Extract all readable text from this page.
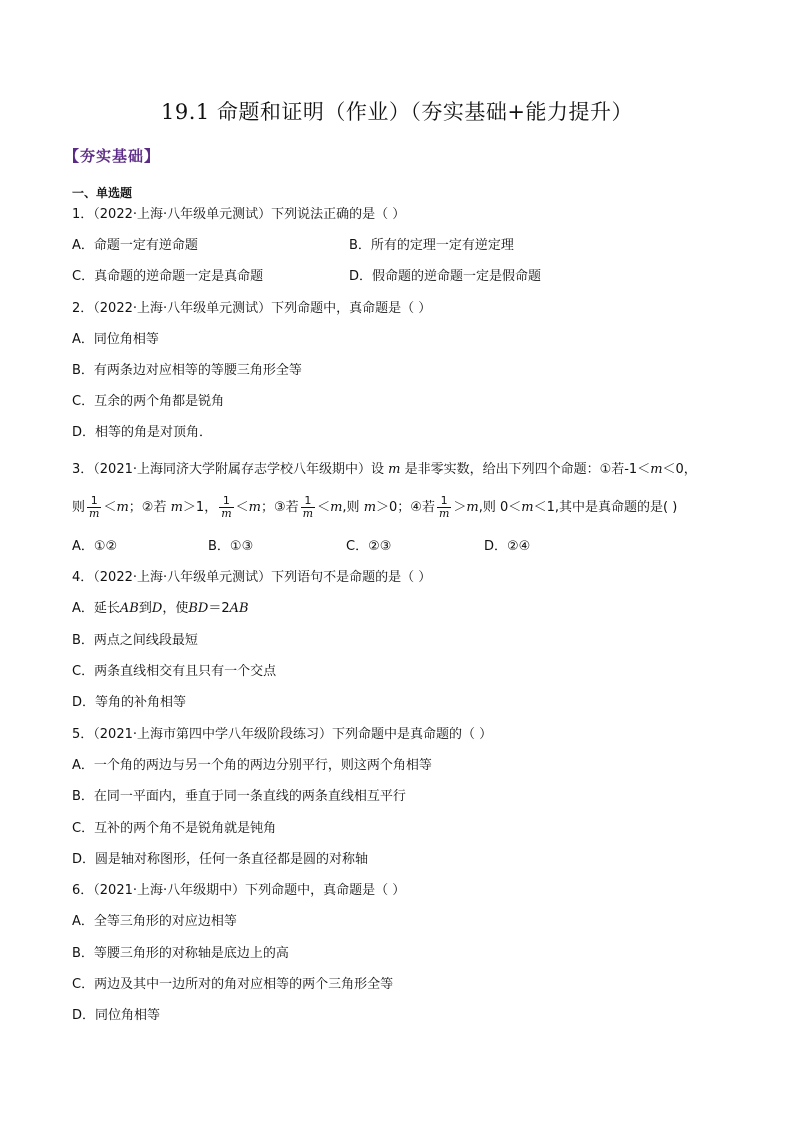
19.1 命题和证明（作业）（夯实基础+能力提升）
【夯实基础】
一、单选题
1．（2022·上海·八年级单元测试）下列说法正确的是（ ）
A．命题一定有逆命题	B．所有的定理一定有逆定理
C．真命题的逆命题一定是真命题	D．假命题的逆命题一定是假命题
2．（2022·上海·八年级单元测试）下列命题中，真命题是（ ）
A．同位角相等
B．有两条边对应相等的等腰三角形全等
C．互余的两个角都是锐角
D．相等的角是对顶角．
3．（2021·上海同济大学附属存志学校八年级期中）设 m 是非零实数，给出下列四个命题：①若-1＜m＜0，
则 $\frac{1}{m} <m$；②若 m＞1， $\frac{1}{m} <m$；③若 $\frac{1}{m} <m$,则 m＞0；④若 $\frac{1}{m} >m$,则 0＜m＜1,其中是真命题的是( )
A．①②	B．①③	C．②③	D．②④
4．（2022·上海·八年级单元测试）下列语句不是命题的是（ ）
A．延长AB到D，使BD＝2AB
B．两点之间线段最短
C．两条直线相交有且只有一个交点
D．等角的补角相等
5．（2021·上海市第四中学八年级阶段练习）下列命题中是真命题的（ ）
A．一个角的两边与另一个角的两边分别平行，则这两个角相等
B．在同一平面内，垂直于同一条直线的两条直线相互平行
C．互补的两个角不是锐角就是钝角
D．圆是轴对称图形，任何一条直径都是圆的对称轴
6．（2021·上海·八年级期中）下列命题中，真命题是（ ）
A．全等三角形的对应边相等
B．等腰三角形的对称轴是底边上的高
C．两边及其中一边所对的角对应相等的两个三角形全等
D．同位角相等
